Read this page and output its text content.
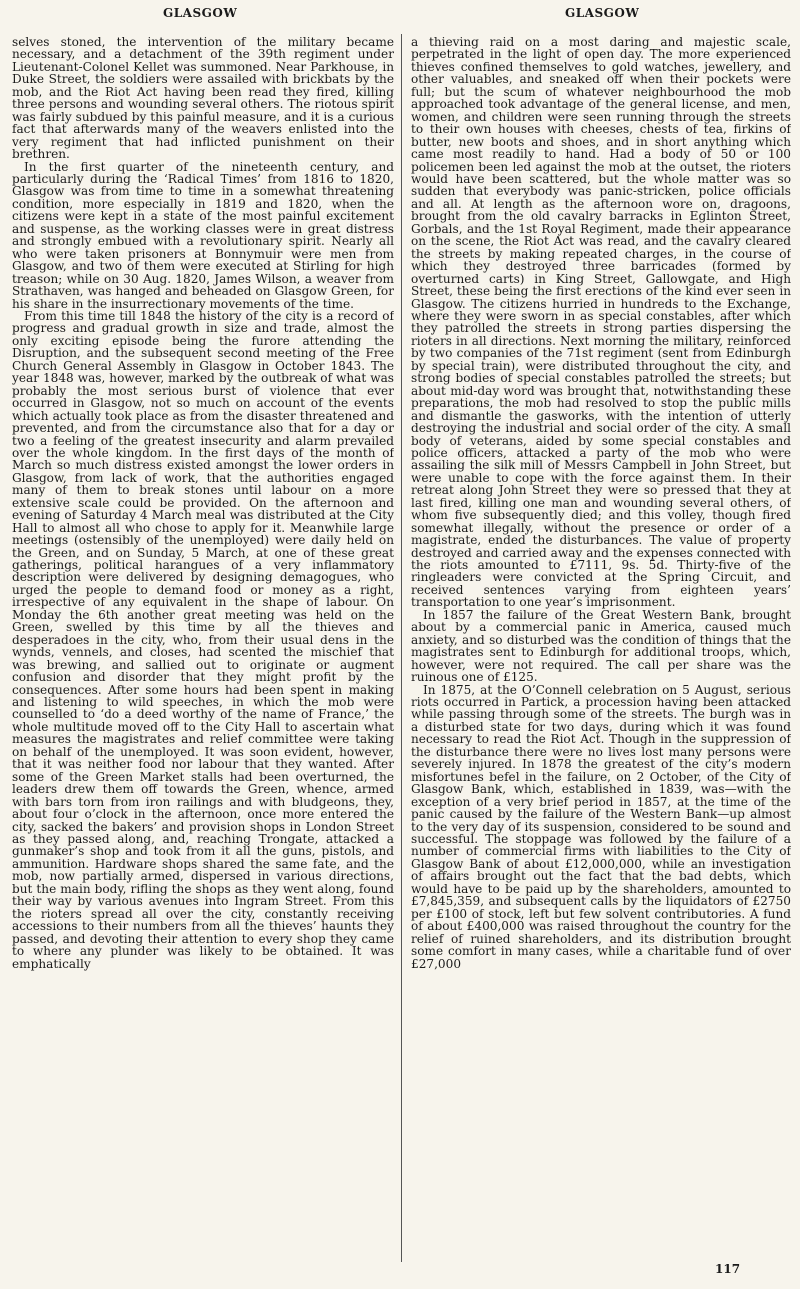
GLASGOW	GLASGOW

selves stoned, the intervention of the military became necessary, and a detachment of the 39th regiment under Lieutenant-Colonel Kellet was summoned. Near Parkhouse, in Duke Street, the soldiers were assailed with brickbats by the mob, and the Riot Act having been read they fired, killing three persons and wounding several others. The riotous spirit was fairly subdued by this painful measure, and it is a curious fact that afterwards many of the weavers enlisted into the very regiment that had inflicted punishment on their brethren.

In the first quarter of the nineteenth century, and particularly during the ‘Radical Times’ from 1816 to 1820, Glasgow was from time to time in a somewhat threatening condition, more especially in 1819 and 1820, when the citizens were kept in a state of the most painful excitement and suspense, as the working classes were in great distress and strongly embued with a revolutionary spirit. Nearly all who were taken prisoners at Bonnymuir were men from Glasgow, and two of them were executed at Stirling for high treason; while on 30 Aug. 1820, James Wilson, a weaver from Strathaven, was hanged and beheaded on Glasgow Green, for his share in the insurrectionary movements of the time.

From this time till 1848 the history of the city is a record of progress and gradual growth in size and trade, almost the only exciting episode being the furore attending the Disruption, and the subsequent second meeting of the Free Church General Assembly in Glasgow in October 1843. The year 1848 was, however, marked by the outbreak of what was probably the most serious burst of violence that ever occurred in Glasgow, not so much on account of the events which actually took place as from the disaster threatened and prevented, and from the circumstance also that for a day or two a feeling of the greatest insecurity and alarm prevailed over the whole kingdom. In the first days of the month of March so much distress existed amongst the lower orders in Glasgow, from lack of work, that the authorities engaged many of them to break stones until labour on a more extensive scale could be provided. On the afternoon and evening of Saturday 4 March meal was distributed at the City Hall to almost all who chose to apply for it. Meanwhile large meetings (ostensibly of the unemployed) were daily held on the Green, and on Sunday, 5 March, at one of these great gatherings, political harangues of a very inflammatory description were delivered by designing demagogues, who urged the people to demand food or money as a right, irrespective of any equivalent in the shape of labour. On Monday the 6th another great meeting was held on the Green, swelled by this time by all the thieves and desperadoes in the city, who, from their usual dens in the wynds, vennels, and closes, had scented the mischief that was brewing, and sallied out to originate or augment confusion and disorder that they might profit by the consequences. After some hours had been spent in making and listening to wild speeches, in which the mob were counselled to ‘do a deed worthy of the name of France,’ the whole multitude moved off to the City Hall to ascertain what measures the magistrates and relief committee were taking on behalf of the unemployed. It was soon evident, however, that it was neither food nor labour that they wanted. After some of the Green Market stalls had been overturned, the leaders drew them off towards the Green, whence, armed with bars torn from iron railings and with bludgeons, they, about four o’clock in the afternoon, once more entered the city, sacked the bakers’ and provision shops in London Street as they passed along, and, reaching Trongate, attacked a gunmaker’s shop and took from it all the guns, pistols, and ammunition. Hardware shops shared the same fate, and the mob, now partially armed, dispersed in various directions, but the main body, rifling the shops as they went along, found their way by various avenues into Ingram Street. From this the rioters spread all over the city, constantly receiving accessions to their numbers from all the thieves’ haunts they passed, and devoting their attention to every shop they came to where any plunder was likely to be obtained. It was emphatically

a thieving raid on a most daring and majestic scale, perpetrated in the light of open day. The more experienced thieves confined themselves to gold watches, jewellery, and other valuables, and sneaked off when their pockets were full; but the scum of whatever neighbourhood the mob approached took advantage of the general license, and men, women, and children were seen running through the streets to their own houses with cheeses, chests of tea, firkins of butter, new boots and shoes, and in short anything which came most readily to hand. Had a body of 50 or 100 policemen been led against the mob at the outset, the rioters would have been scattered, but the whole matter was so sudden that everybody was panic-stricken, police officials and all. At length as the afternoon wore on, dragoons, brought from the old cavalry barracks in Eglinton Street, Gorbals, and the 1st Royal Regiment, made their appearance on the scene, the Riot Act was read, and the cavalry cleared the streets by making repeated charges, in the course of which they destroyed three barricades (formed by overturned carts) in King Street, Gallowgate, and High Street, these being the first erections of the kind ever seen in Glasgow. The citizens hurried in hundreds to the Exchange, where they were sworn in as special constables, after which they patrolled the streets in strong parties dispersing the rioters in all directions. Next morning the military, reinforced by two companies of the 71st regiment (sent from Edinburgh by special train), were distributed throughout the city, and strong bodies of special constables patrolled the streets; but about mid-day word was brought that, notwithstanding these preparations, the mob had resolved to stop the public mills and dismantle the gasworks, with the intention of utterly destroying the industrial and social order of the city. A small body of veterans, aided by some special constables and police officers, attacked a party of the mob who were assailing the silk mill of Messrs Campbell in John Street, but were unable to cope with the force against them. In their retreat along John Street they were so pressed that they at last fired, killing one man and wounding several others, of whom five subsequently died; and this volley, though fired somewhat illegally, without the presence or order of a magistrate, ended the disturbances. The value of property destroyed and carried away and the expenses connected with the riots amounted to £7111, 9s. 5d. Thirty-five of the ringleaders were convicted at the Spring Circuit, and received sentences varying from eighteen years’ transportation to one year’s imprisonment.

In 1857 the failure of the Great Western Bank, brought about by a commercial panic in America, caused much anxiety, and so disturbed was the condition of things that the magistrates sent to Edinburgh for additional troops, which, however, were not required. The call per share was the ruinous one of £125.

In 1875, at the O’Connell celebration on 5 August, serious riots occurred in Partick, a procession having been attacked while passing through some of the streets. The burgh was in a disturbed state for two days, during which it was found necessary to read the Riot Act. Though in the suppression of the disturbance there were no lives lost many persons were severely injured. In 1878 the greatest of the city’s modern misfortunes befel in the failure, on 2 October, of the City of Glasgow Bank, which, established in 1839, was—with the exception of a very brief period in 1857, at the time of the panic caused by the failure of the Western Bank—up almost to the very day of its suspension, considered to be sound and successful. The stoppage was followed by the failure of a number of commercial firms with liabilities to the City of Glasgow Bank of about £12,000,000, while an investigation of affairs brought out the fact that the bad debts, which would have to be paid up by the shareholders, amounted to £7,845,359, and subsequent calls by the liquidators of £2750 per £100 of stock, left but few solvent contributories. A fund of about £400,000 was raised throughout the country for the relief of ruined shareholders, and its distribution brought some comfort in many cases, while a charitable fund of over £27,000

117
